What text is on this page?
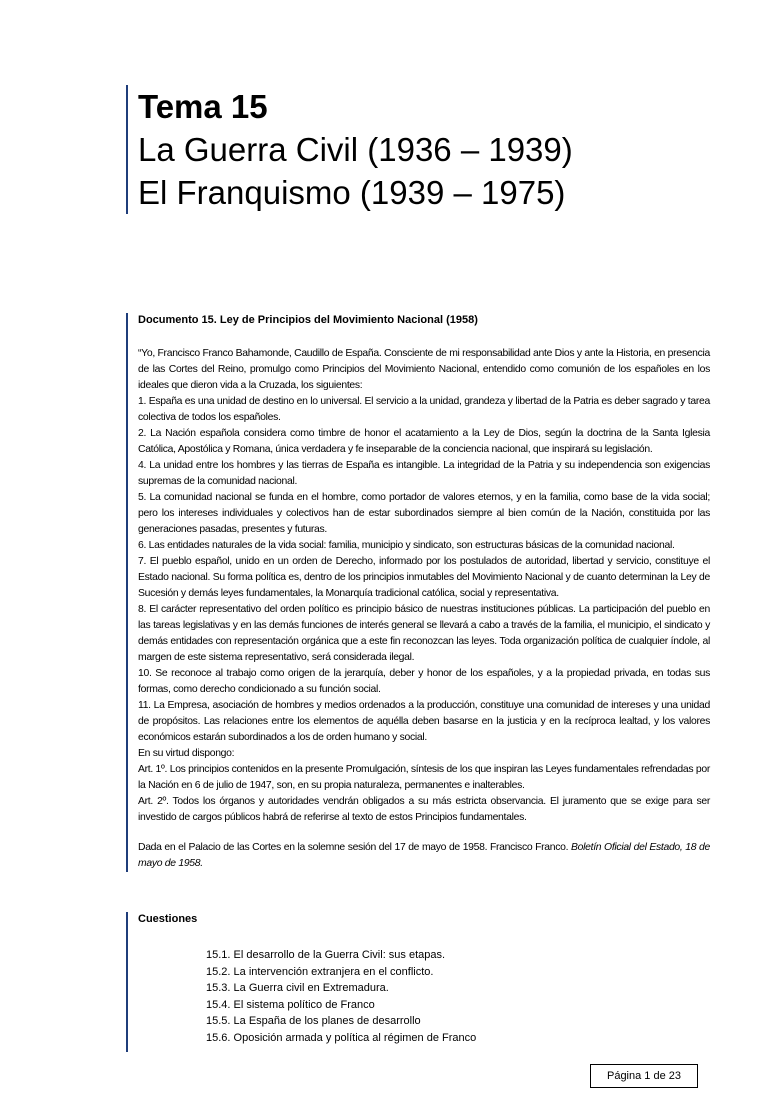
Tema 15
La Guerra Civil (1936 – 1939)
El Franquismo (1939 – 1975)
Documento 15. Ley de Principios del Movimiento Nacional (1958)

“Yo, Francisco Franco Bahamonde, Caudillo de España. Consciente de mi responsabilidad ante Dios y ante la Historia, en presencia de las Cortes del Reino, promulgo como Principios del Movimiento Nacional, entendido como comunión de los españoles en los ideales que dieron vida a la Cruzada, los siguientes:

1. España es una unidad de destino en lo universal. El servicio a la unidad, grandeza y libertad de la Patria es deber sagrado y tarea colectiva de todos los españoles.

2. La Nación española considera como timbre de honor el acatamiento a la Ley de Dios, según la doctrina de la Santa Iglesia Católica, Apostólica y Romana, única verdadera y fe inseparable de la conciencia nacional, que inspirará su legislación.

4. La unidad entre los hombres y las tierras de España es intangible. La integridad de la Patria y su independencia son exigencias supremas de la comunidad nacional.

5. La comunidad nacional se funda en el hombre, como portador de valores eternos, y en la familia, como base de la vida social; pero los intereses individuales y colectivos han de estar subordinados siempre al bien común de la Nación, constituida por las generaciones pasadas, presentes y futuras.

6. Las entidades naturales de la vida social: familia, municipio y sindicato, son estructuras básicas de la comunidad nacional.

7. El pueblo español, unido en un orden de Derecho, informado por los postulados de autoridad, libertad y servicio, constituye el Estado nacional. Su forma política es, dentro de los principios inmutables del Movimiento Nacional y de cuanto determinan la Ley de Sucesión y demás leyes fundamentales, la Monarquía tradicional católica, social y representativa.

8. El carácter representativo del orden político es principio básico de nuestras instituciones públicas. La participación del pueblo en las tareas legislativas y en las demás funciones de interés general se llevará a cabo a través de la familia, el municipio, el sindicato y demás entidades con representación orgánica que a este fin reconozcan las leyes. Toda organización política de cualquier índole, al margen de este sistema representativo, será considerada ilegal.

10. Se reconoce al trabajo como origen de la jerarquía, deber y honor de los españoles, y a la propiedad privada, en todas sus formas, como derecho condicionado a su función social.

11. La Empresa, asociación de hombres y medios ordenados a la producción, constituye una comunidad de intereses y una unidad de propósitos. Las relaciones entre los elementos de aquélla deben basarse en la justicia y en la recíproca lealtad, y los valores económicos estarán subordinados a los de orden humano y social.

En su virtud dispongo:

Art. 1º. Los principios contenidos en la presente Promulgación, síntesis de los que inspiran las Leyes fundamentales refrendadas por la Nación en 6 de julio de 1947, son, en su propia naturaleza, permanentes e inalterables.

Art. 2º. Todos los órganos y autoridades vendrán obligados a su más estricta observancia. El juramento que se exige para ser investido de cargos públicos habrá de referirse al texto de estos Principios fundamentales.

Dada en el Palacio de las Cortes en la solemne sesión del 17 de mayo de 1958. Francisco Franco. Boletín Oficial del Estado, 18 de mayo de 1958.

Cuestiones
15.1. El desarrollo de la Guerra Civil: sus etapas.
15.2. La intervención extranjera en el conflicto.
15.3. La Guerra civil en Extremadura.
15.4. El sistema político de Franco
15.5. La España de los planes de desarrollo
15.6. Oposición armada y política al régimen de Franco
Página 1 de 23
